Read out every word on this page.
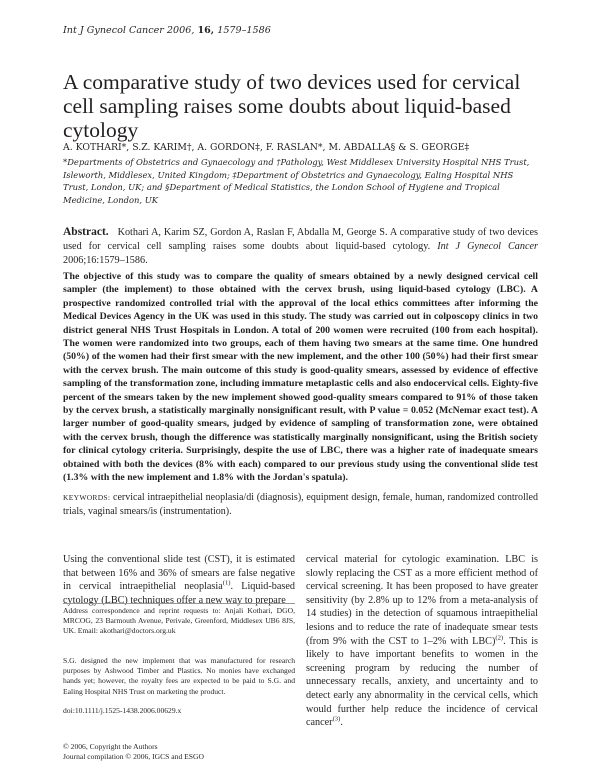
Int J Gynecol Cancer 2006, 16, 1579–1586
A comparative study of two devices used for cervical cell sampling raises some doubts about liquid-based cytology
A. KOTHARI*, S.Z. KARIM†, A. GORDON‡, F. RASLAN*, M. ABDALLA§ & S. GEORGE‡
*Departments of Obstetrics and Gynaecology and †Pathology, West Middlesex University Hospital NHS Trust, Isleworth, Middlesex, United Kingdom; ‡Department of Obstetrics and Gynaecology, Ealing Hospital NHS Trust, London, UK; and §Department of Medical Statistics, the London School of Hygiene and Tropical Medicine, London, UK
Abstract. Kothari A, Karim SZ, Gordon A, Raslan F, Abdalla M, George S. A comparative study of two devices used for cervical cell sampling raises some doubts about liquid-based cytology. Int J Gynecol Cancer 2006;16:1579–1586.
The objective of this study was to compare the quality of smears obtained by a newly designed cervical cell sampler (the implement) to those obtained with the cervex brush, using liquid-based cytology (LBC). A prospective randomized controlled trial with the approval of the local ethics committees after informing the Medical Devices Agency in the UK was used in this study. The study was carried out in colposcopy clinics in two district general NHS Trust Hospitals in London. A total of 200 women were recruited (100 from each hospital). The women were randomized into two groups, each of them having two smears at the same time. One hundred (50%) of the women had their first smear with the new implement, and the other 100 (50%) had their first smear with the cervex brush. The main outcome of this study is good-quality smears, assessed by evidence of effective sampling of the transformation zone, including immature metaplastic cells and also endocervical cells. Eighty-five percent of the smears taken by the new implement showed good-quality smears compared to 91% of those taken by the cervex brush, a statistically marginally nonsignificant result, with P value = 0.052 (McNemar exact test). A larger number of good-quality smears, judged by evidence of sampling of transformation zone, were obtained with the cervex brush, though the difference was statistically marginally nonsignificant, using the British society for clinical cytology criteria. Surprisingly, despite the use of LBC, there was a higher rate of inadequate smears obtained with both the devices (8% with each) compared to our previous study using the conventional slide test (1.3% with the new implement and 1.8% with the Jordan's spatula).
KEYWORDS: cervical intraepithelial neoplasia/di (diagnosis), equipment design, female, human, randomized controlled trials, vaginal smears/is (instrumentation).

Using the conventional slide test (CST), it is estimated that between 16% and 36% of smears are false negative in cervical intraepithelial neoplasia$^{(1)}$. Liquid-based cytology (LBC) techniques offer a new way to prepare

Address correspondence and reprint requests to: Anjali Kothari, DGO, MRCOG, 23 Barmouth Avenue, Perivale, Greenford, Middlesex UB6 8JS, UK. Email: akothari@doctors.org.uk
S.G. designed the new implement that was manufactured for research purposes by Ashwood Timber and Plastics. No monies have exchanged hands yet; however, the royalty fees are expected to be paid to S.G. and Ealing Hospital NHS Trust on marketing the product.
doi:10.1111/j.1525-1438.2006.00629.x
© 2006, Copyright the Authors
Journal compilation © 2006, IGCS and ESGO

cervical material for cytologic examination. LBC is slowly replacing the CST as a more efficient method of cervical screening. It has been proposed to have greater sensitivity (by 2.8% up to 12% from a meta-analysis of 14 studies) in the detection of squamous intraepithelial lesions and to reduce the rate of inadequate smear tests (from 9% with the CST to 1–2% with LBC)$^{(2)}$. This is likely to have important benefits to women in the screening program by reducing the number of unnecessary recalls, anxiety, and uncertainty and to detect early any abnormality in the cervical cells, which would further help reduce the incidence of cervical cancer$^{(3)}$.
